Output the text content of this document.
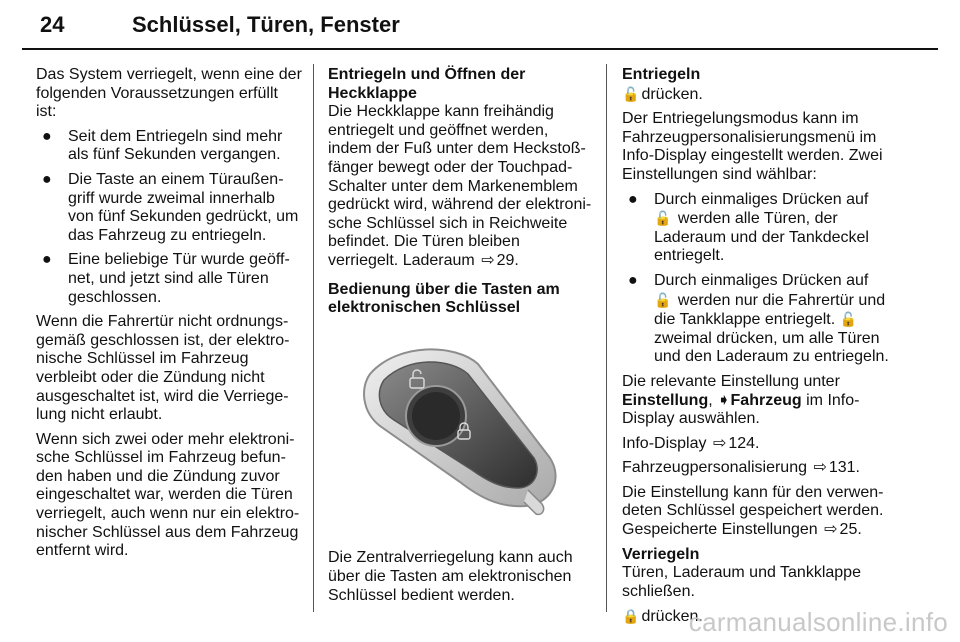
24	Schlüssel, Türen, Fenster

Das System verriegelt, wenn eine der folgenden Voraussetzungen erfüllt ist:

● Seit dem Entriegeln sind mehr als fünf Sekunden vergangen.
● Die Taste an einem Türaußengriff wurde zweimal innerhalb von fünf Sekunden gedrückt, um das Fahrzeug zu entriegeln.
● Eine beliebige Tür wurde geöffnet, und jetzt sind alle Türen geschlossen.

Wenn die Fahrertür nicht ordnungsgemäß geschlossen ist, der elektronische Schlüssel im Fahrzeug verbleibt oder die Zündung nicht ausgeschaltet ist, wird die Verriegelung nicht erlaubt.

Wenn sich zwei oder mehr elektronische Schlüssel im Fahrzeug befunden haben und die Zündung zuvor eingeschaltet war, werden die Türen verriegelt, auch wenn nur ein elektronischer Schlüssel aus dem Fahrzeug entfernt wird.

Entriegeln und Öffnen der Heckklappe

Die Heckklappe kann freihändig entriegelt und geöffnet werden, indem der Fuß unter dem Heckstoßfänger bewegt oder der Touchpad-Schalter unter dem Markenemblem gedrückt wird, während der elektronische Schlüssel sich in Reichweite befindet. Die Türen bleiben verriegelt. Laderaum ⇨ 29.

Bedienung über die Tasten am elektronischen Schlüssel

Die Zentralverriegelung kann auch über die Tasten am elektronischen Schlüssel bedient werden.

Entriegeln

🔓 drücken.

Der Entriegelungsmodus kann im Fahrzeugpersonalisierungsmenü im Info-Display eingestellt werden. Zwei Einstellungen sind wählbar:

● Durch einmaliges Drücken auf 🔓 werden alle Türen, der Laderaum und der Tankdeckel entriegelt.
● Durch einmaliges Drücken auf 🔓 werden nur die Fahrertür und die Tankklappe entriegelt. 🔓 zweimal drücken, um alle Türen und den Laderaum zu entriegeln.

Die relevante Einstellung unter Einstellung, ➧Fahrzeug im Info-Display auswählen.

Info-Display ⇨ 124.

Fahrzeugpersonalisierung ⇨ 131.

Die Einstellung kann für den verwendeten Schlüssel gespeichert werden. Gespeicherte Einstellungen ⇨ 25.

Verriegeln

Türen, Laderaum und Tankklappe schließen.

🔒 drücken.

carmanualsonline.info
